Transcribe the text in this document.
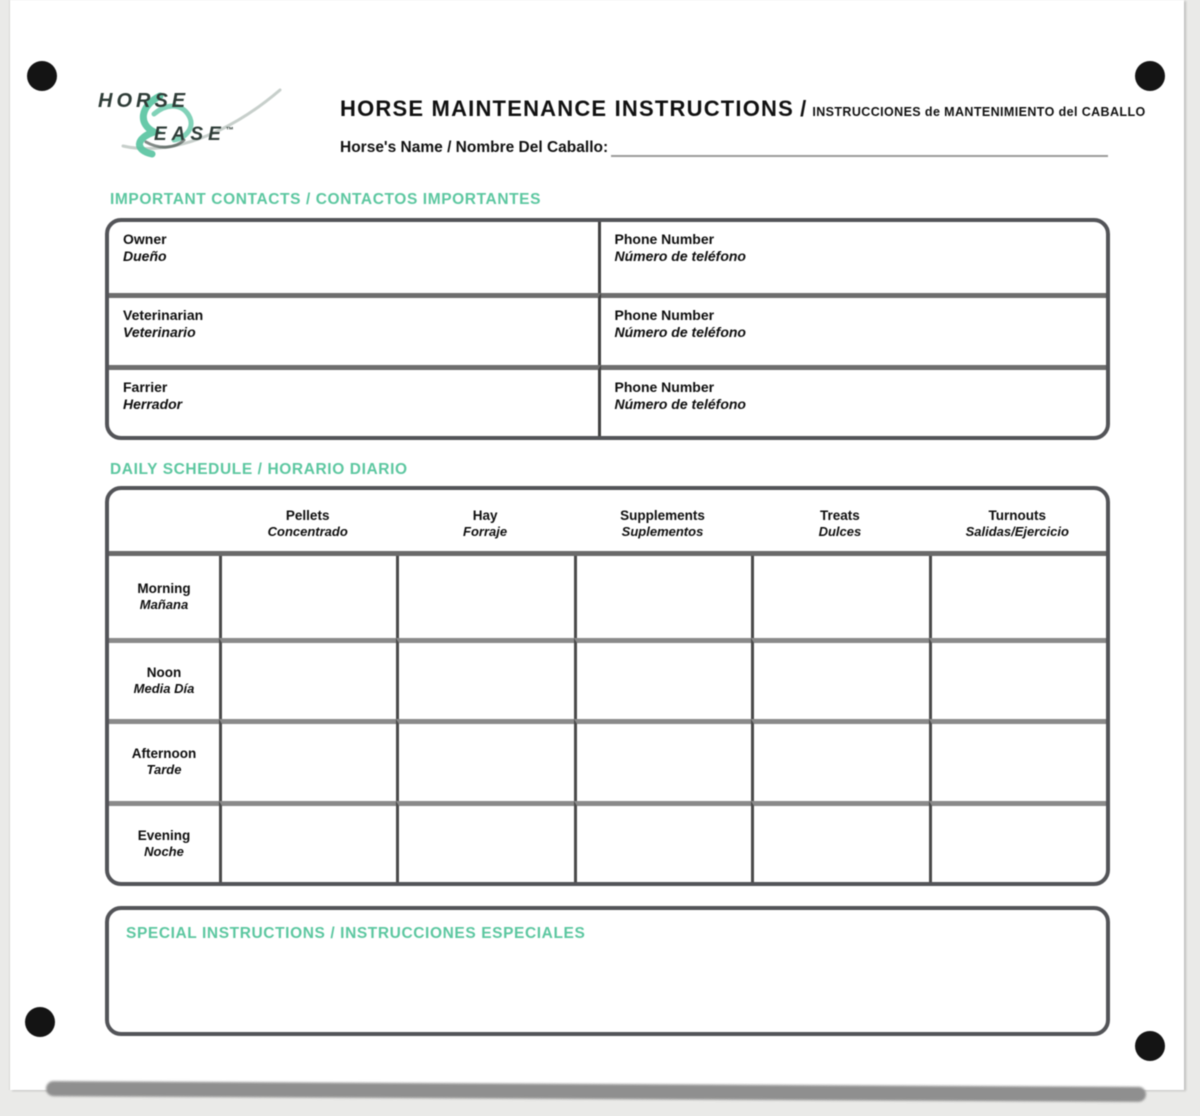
HORSE
EASE™
HORSE MAINTENANCE INSTRUCTIONS / INSTRUCCIONES de MANTENIMIENTO del CABALLO
Horse's Name / Nombre Del Caballo:
IMPORTANT CONTACTS / CONTACTOS IMPORTANTES
Owner
Dueño
Phone Number
Número de teléfono
Veterinarian
Veterinario
Phone Number
Número de teléfono
Farrier
Herrador
Phone Number
Número de teléfono
DAILY SCHEDULE / HORARIO DIARIO
Pellets
Concentrado
Hay
Forraje
Supplements
Suplementos
Treats
Dulces
Turnouts
Salidas/Ejercicio
Morning
Mañana
Noon
Media Día
Afternoon
Tarde
Evening
Noche
SPECIAL INSTRUCTIONS / INSTRUCCIONES ESPECIALES
